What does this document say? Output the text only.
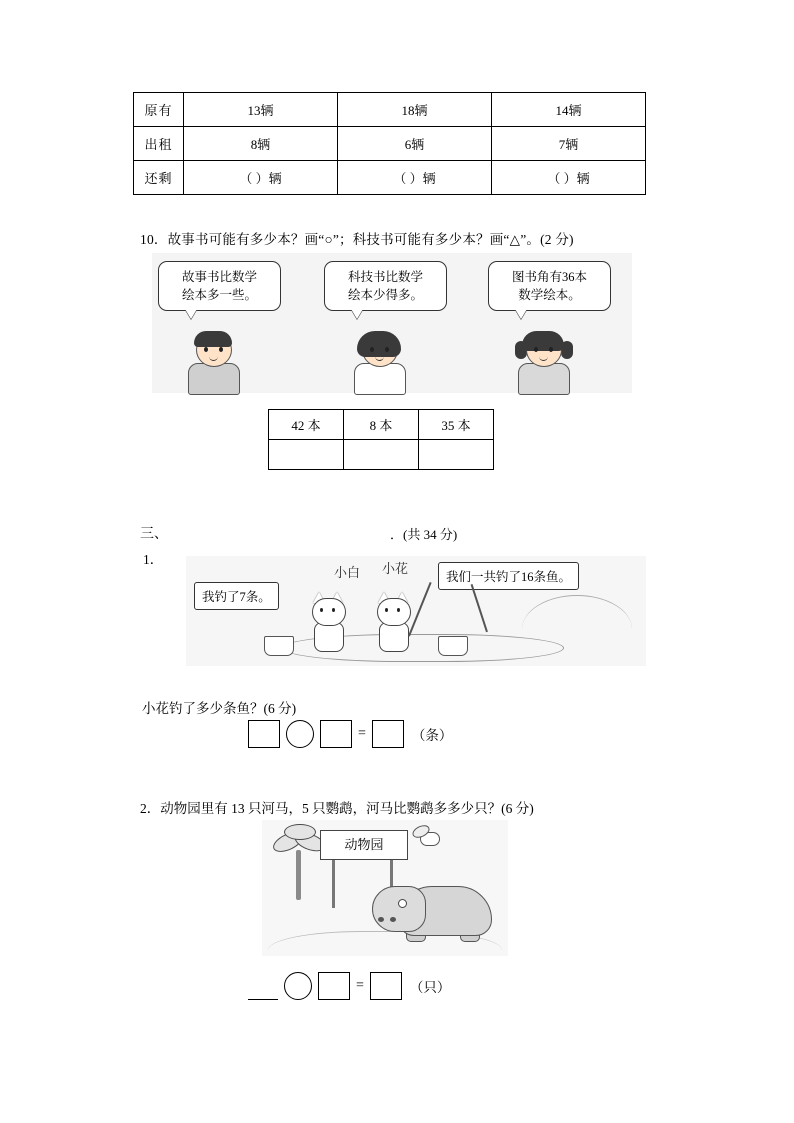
原有	13辆	18辆	14辆
出租	8辆	6辆	7辆
还剩	（ ）辆	（ ）辆	（ ）辆
10．故事书可能有多少本？画“○”；科技书可能有多少本？画“△”。(2 分)
故事书比数学
绘本多一些。
科技书比数学
绘本少得多。
图书角有36本
数学绘本。
42 本	8 本	35 本

三、	．(共 34 分)
1．
我钓了7条。
我们一共钓了16条鱼。
小白 小花
小花钓了多少条鱼？(6 分)
=	（条）
2．动物园里有 13 只河马，5 只鹦鹉，河马比鹦鹉多多少只？(6 分)
动物园
=	（只）
